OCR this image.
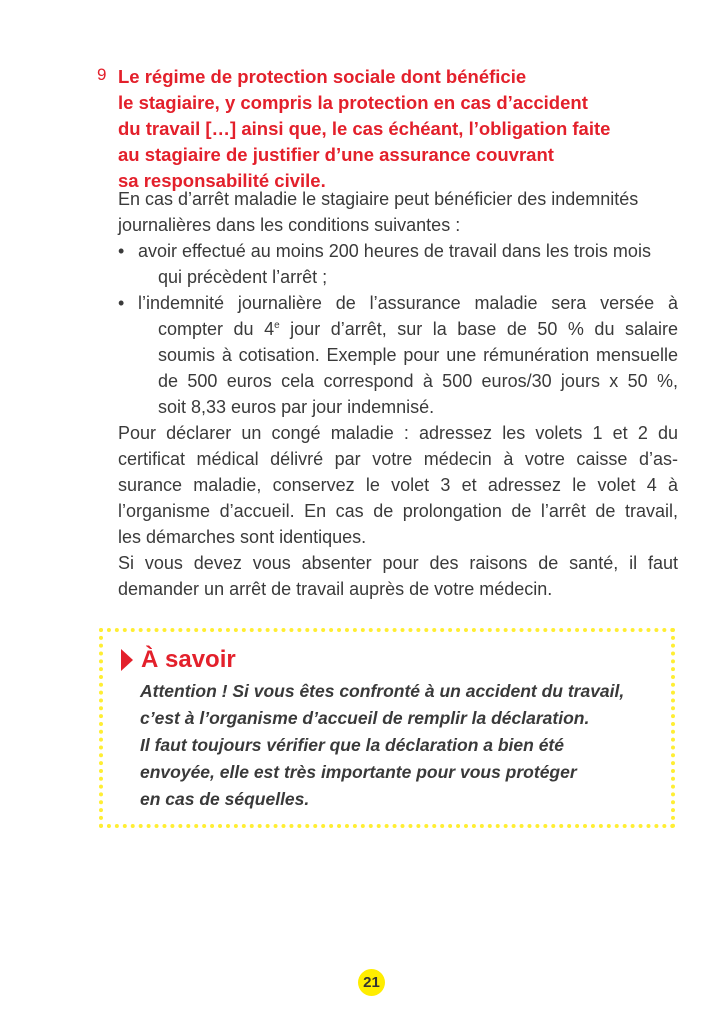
9 Le régime de protection sociale dont bénéficie
le stagiaire, y compris la protection en cas d’accident
du travail […] ainsi que, le cas échéant, l’obligation faite
au stagiaire de justifier d’une assurance couvrant
sa responsabilité civile.
En cas d’arrêt maladie le stagiaire peut bénéficier des indemnités
journalières dans les conditions suivantes :
• avoir effectué au moins 200 heures de travail dans les trois mois
qui précèdent l’arrêt ;
• l’indemnité journalière de l’assurance maladie sera versée à
compter du 4e jour d’arrêt, sur la base de 50 % du salaire
soumis à cotisation. Exemple pour une rémunération mensuelle
de 500 euros cela correspond à 500 euros/30 jours x 50 %,
soit 8,33 euros par jour indemnisé.
Pour déclarer un congé maladie : adressez les volets 1 et 2 du
certificat médical délivré par votre médecin à votre caisse d’as-
surance maladie, conservez le volet 3 et adressez le volet 4 à
l’organisme d’accueil. En cas de prolongation de l’arrêt de travail,
les démarches sont identiques.
Si vous devez vous absenter pour des raisons de santé, il faut
demander un arrêt de travail auprès de votre médecin.
À savoir
Attention ! Si vous êtes confronté à un accident du travail,
c’est à l’organisme d’accueil de remplir la déclaration.
Il faut toujours vérifier que la déclaration a bien été
envoyée, elle est très importante pour vous protéger
en cas de séquelles.
21
